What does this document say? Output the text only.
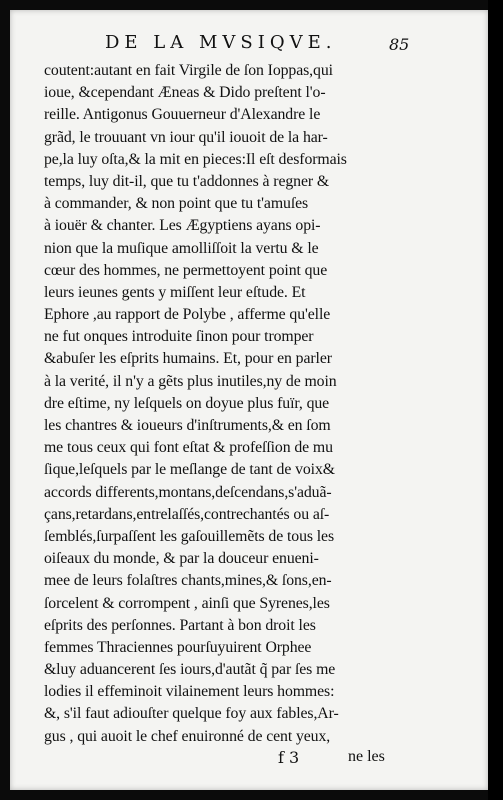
DE LA MVSIQVE.	85
coutent:autant en fait Virgile de ſon Ioppas,qui
ioue, &cependant Æneas & Dido preſtent l'o-
reille. Antigonus Gouuerneur d'Alexandre le
grãd, le trouuant vn iour qu'il iouoit de la har-
pe,la luy oſta,& la mit en pieces:Il eſt desformais
temps, luy dit-il, que tu t'addonnes à regner &
à commander, & non point que tu t'amuſes
à iouër & chanter. Les Ægyptiens ayans opi-
nion que la muſique amolliſſoit la vertu & le
cœur des hommes, ne permettoyent point que
leurs ieunes gents y miſſent leur eſtude. Et
Ephore ,au rapport de Polybe , afferme qu'elle
ne fut onques introduite ſinon pour tromper
&abuſer les eſprits humains. Et, pour en parler
à la verité, il n'y a gẽts plus inutiles,ny de moin
dre eſtime, ny leſquels on doyue plus fuïr, que
les chantres & ioueurs d'inſtruments,& en ſom
me tous ceux qui font eſtat & profeſſion de mu
ſique,leſquels par le meſlange de tant de voix&
accords differents,montans,deſcendans,s'aduã-
çans,retardans,entrelaſſés,contrechantés ou aſ-
ſemblés,ſurpaſſent les gaſouillemẽts de tous les
oiſeaux du monde, & par la douceur enueni-
mee de leurs folaſtres chants,mines,& ſons,en-
ſorcelent & corrompent , ainſi que Syrenes,les
eſprits des perſonnes. Partant à bon droit les
femmes Thraciennes pourſuyuirent Orphee
&luy aduancerent ſes iours,d'autãt q̃ par ſes me
lodies il effeminoit vilainement leurs hommes:
&, s'il faut adiouſter quelque foy aux fables,Ar-
gus , qui auoit le chef enuironné de cent yeux,
f 3	ne les
